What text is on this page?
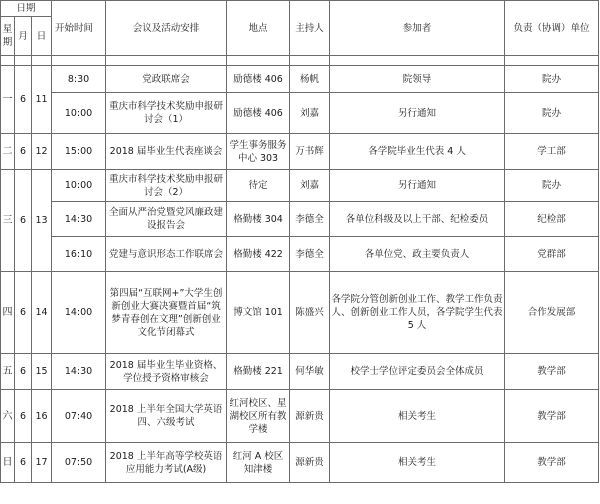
日期			开始时间	会议及活动安排	地点	主持人	参加者	负责（协调）单位
星期	月	日						

一	6	11	8:30	党政联席会	励德楼 406	杨帆	院领导	院办
			10:00	重庆市科学技术奖励申报研讨会（1）	励德楼 406	刘嘉	另行通知	院办
二	6	12	15:00	2018 届毕业生代表座谈会	学生事务服务中心 303	万书辉	各学院毕业生代表 4 人	学工部
三	6	13	10:00	重庆市科学技术奖励申报研讨会（2）	待定	刘嘉	另行通知	院办
			14:30	全面从严治党暨党风廉政建设报告会	格勤楼 304	李德全	各单位科级及以上干部、纪检委员	纪检部
			16:10	党建与意识形态工作联席会	格勤楼 422	李德全	各单位党、政主要负责人	党群部
四	6	14	14:00	第四届“互联网+”大学生创新创业大赛决赛暨首届“筑梦青春创在文理”创新创业文化节闭幕式	博文馆 101	陈盛兴	各学院分管创新创业工作、教学工作负责人、创新创业工作人员，各学院学生代表 5 人	合作发展部
五	6	15	14:30	2018 届毕业生毕业资格、学位授予资格审核会	格勤楼 221	何华敏	校学士学位评定委员会全体成员	教学部
六	6	16	07:40	2018 上半年全国大学英语 四、六级考试	红河校区、星湖校区所有教学楼	源新贵	相关考生	教学部
日	6	17	07:50	2018 上半年高等学校英语应用能力考试(A级)	红河 A 校区知津楼	源新贵	相关考生	教学部
